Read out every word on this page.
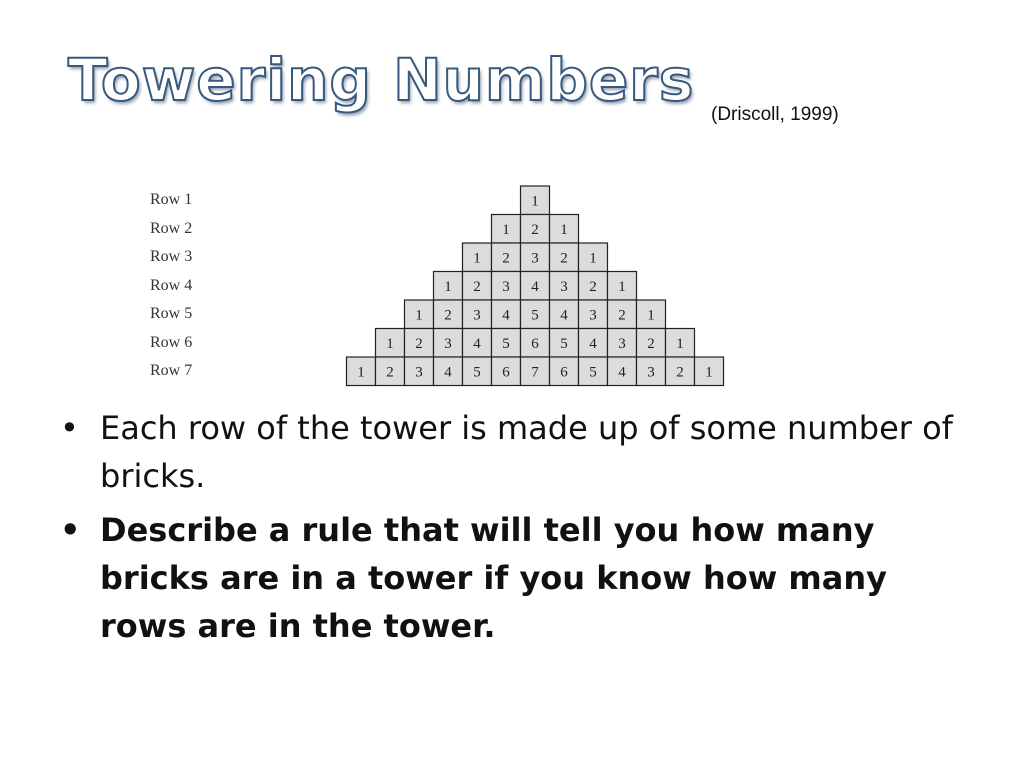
Towering Numbers
(Driscoll, 1999)
Row 1
Row 2
Row 3
Row 4
Row 5
Row 6
Row 7
1
1 2 1
1 2 3 2 1
1 2 3 4 3 2 1
1 2 3 4 5 4 3 2 1
1 2 3 4 5 6 5 4 3 2 1
1 2 3 4 5 6 7 6 5 4 3 2 1
• Each row of the tower is made up of some number of bricks.
• Describe a rule that will tell you how many bricks are in a tower if you know how many rows are in the tower.
